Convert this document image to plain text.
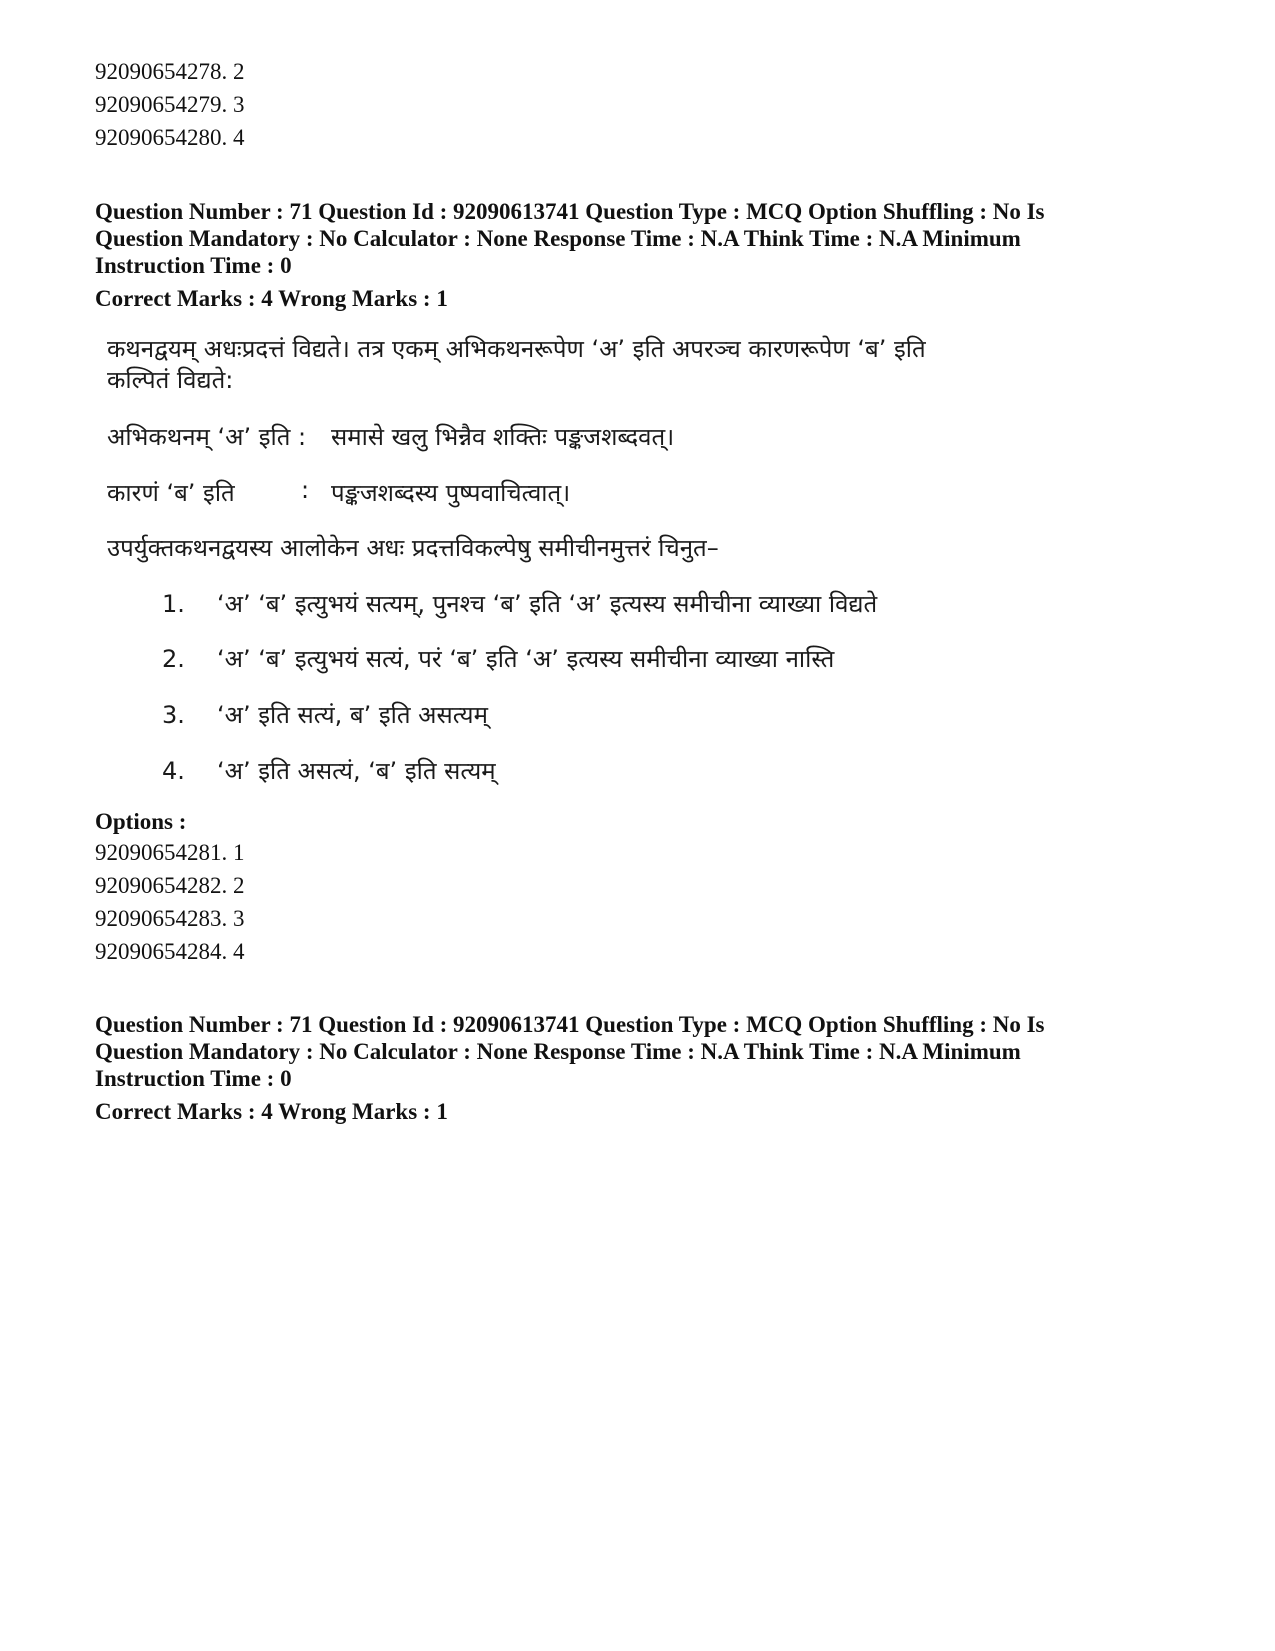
92090654278. 2
92090654279. 3
92090654280. 4
Question Number : 71 Question Id : 92090613741 Question Type : MCQ Option Shuffling : No Is
Question Mandatory : No Calculator : None Response Time : N.A Think Time : N.A Minimum
Instruction Time : 0
Correct Marks : 4 Wrong Marks : 1
कथनद्वयम् अधःप्रदत्तं विद्यते। तत्र एकम् अभिकथनरूपेण ‘अ’ इति अपरञ्च कारणरूपेण ‘ब’ इति
कल्पितं विद्यते:
अभिकथनम् ‘अ’ इति : समासे खलु भिन्नैव शक्तिः पङ्कजशब्दवत्।
कारणं ‘ब’ इति	: पङ्कजशब्दस्य पुष्पवाचित्वात्।
उपर्युक्तकथनद्वयस्य आलोकेन अधः प्रदत्तविकल्पेषु समीचीनमुत्तरं चिनुत–
1. ‘अ’ ‘ब’ इत्युभयं सत्यम्, पुनश्च ‘ब’ इति ‘अ’ इत्यस्य समीचीना व्याख्या विद्यते
2. ‘अ’ ‘ब’ इत्युभयं सत्यं, परं ‘ब’ इति ‘अ’ इत्यस्य समीचीना व्याख्या नास्ति
3. ‘अ’ इति सत्यं, ब’ इति असत्यम्
4. ‘अ’ इति असत्यं, ‘ब’ इति सत्यम्
Options :
92090654281. 1
92090654282. 2
92090654283. 3
92090654284. 4
Question Number : 71 Question Id : 92090613741 Question Type : MCQ Option Shuffling : No Is
Question Mandatory : No Calculator : None Response Time : N.A Think Time : N.A Minimum
Instruction Time : 0
Correct Marks : 4 Wrong Marks : 1
